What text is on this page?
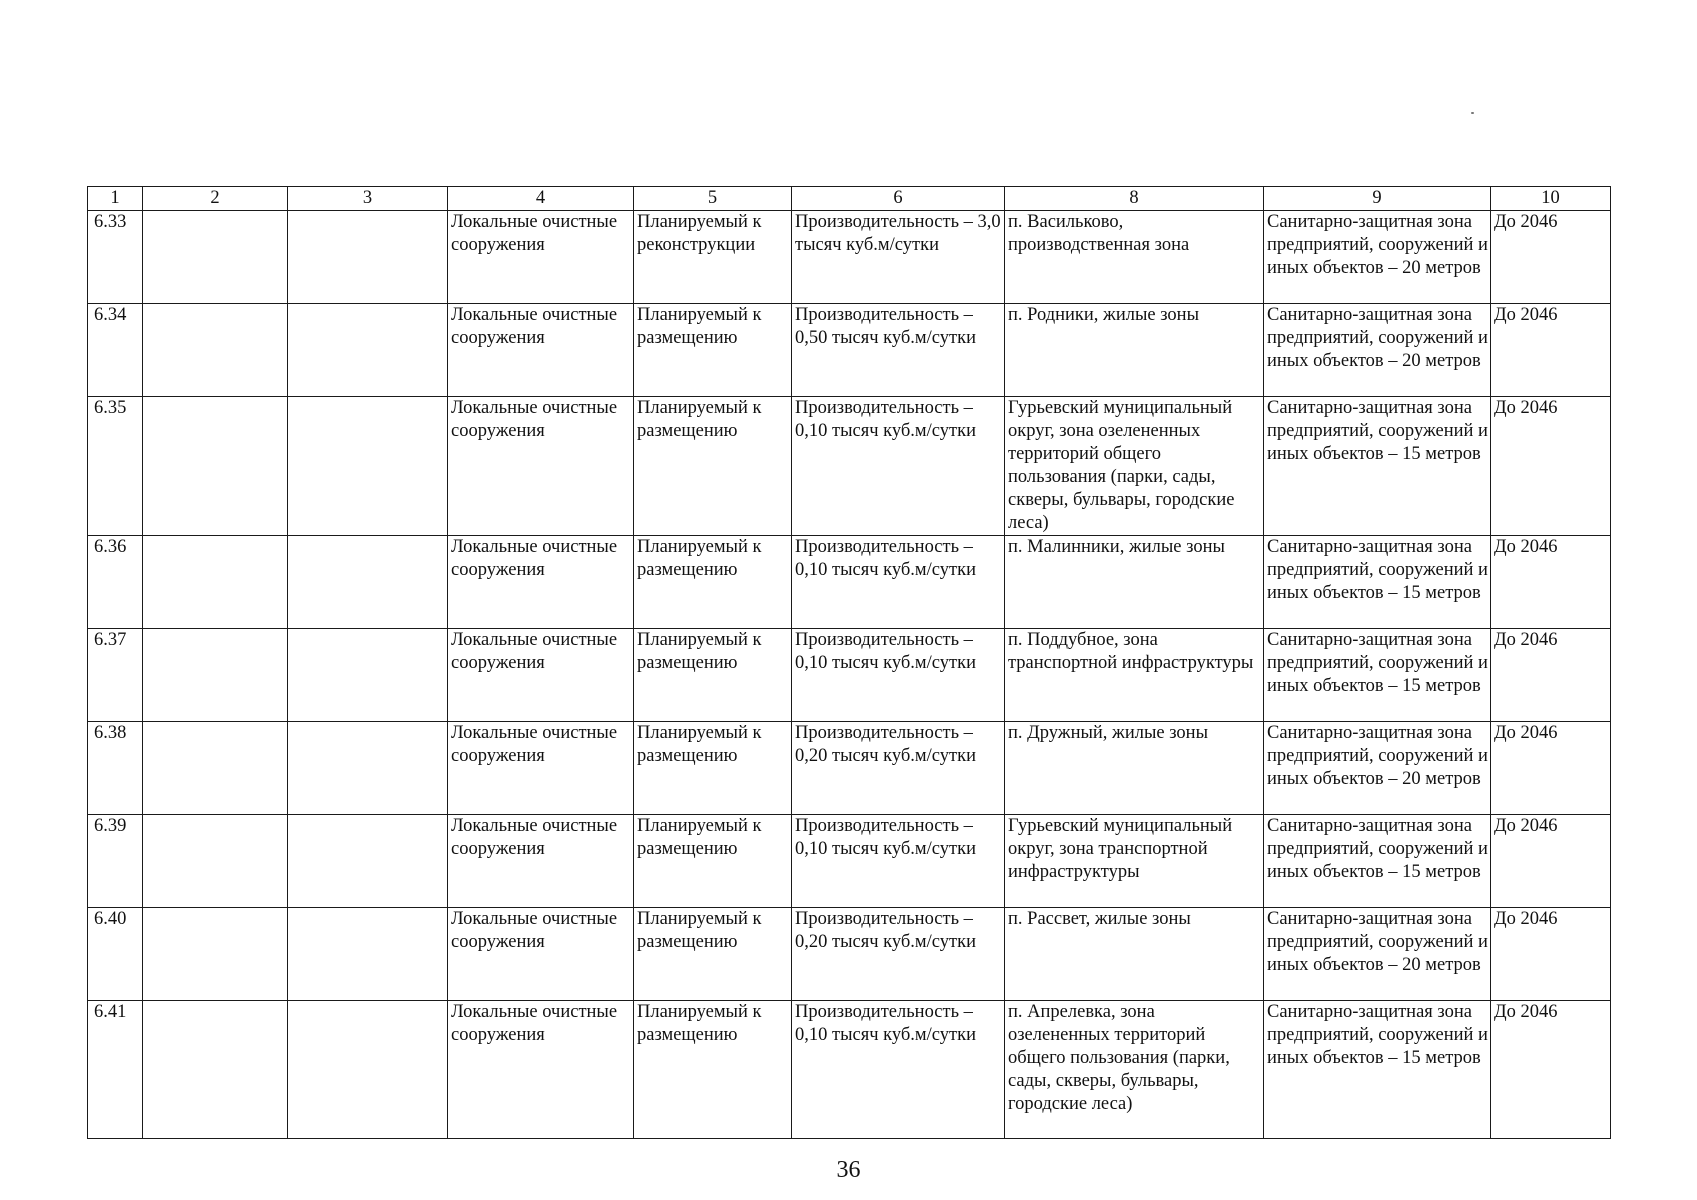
1	2	3	4	5	6	8	9	10
6.33			Локальные очистные сооружения	Планируемый к реконструкции	Производительность – 3,0 тысяч куб.м/сутки	п. Васильково, производственная зона	Санитарно-защитная зона предприятий, сооружений и иных объектов – 20 метров	До 2046
6.34			Локальные очистные сооружения	Планируемый к размещению	Производительность – 0,50 тысяч куб.м/сутки	п. Родники, жилые зоны	Санитарно-защитная зона предприятий, сооружений и иных объектов – 20 метров	До 2046
6.35			Локальные очистные сооружения	Планируемый к размещению	Производительность – 0,10 тысяч куб.м/сутки	Гурьевский муниципальный округ, зона озелененных территорий общего пользования (парки, сады, скверы, бульвары, городские леса)	Санитарно-защитная зона предприятий, сооружений и иных объектов – 15 метров	До 2046
6.36			Локальные очистные сооружения	Планируемый к размещению	Производительность – 0,10 тысяч куб.м/сутки	п. Малинники, жилые зоны	Санитарно-защитная зона предприятий, сооружений и иных объектов – 15 метров	До 2046
6.37			Локальные очистные сооружения	Планируемый к размещению	Производительность – 0,10 тысяч куб.м/сутки	п. Поддубное, зона транспортной инфраструктуры	Санитарно-защитная зона предприятий, сооружений и иных объектов – 15 метров	До 2046
6.38			Локальные очистные сооружения	Планируемый к размещению	Производительность – 0,20 тысяч куб.м/сутки	п. Дружный, жилые зоны	Санитарно-защитная зона предприятий, сооружений и иных объектов – 20 метров	До 2046
6.39			Локальные очистные сооружения	Планируемый к размещению	Производительность – 0,10 тысяч куб.м/сутки	Гурьевский муниципальный округ, зона транспортной инфраструктуры	Санитарно-защитная зона предприятий, сооружений и иных объектов – 15 метров	До 2046
6.40			Локальные очистные сооружения	Планируемый к размещению	Производительность – 0,20 тысяч куб.м/сутки	п. Рассвет, жилые зоны	Санитарно-защитная зона предприятий, сооружений и иных объектов – 20 метров	До 2046
6.41			Локальные очистные сооружения	Планируемый к размещению	Производительность – 0,10 тысяч куб.м/сутки	п. Апрелевка, зона озелененных территорий общего пользования (парки, сады, скверы, бульвары, городские леса)	Санитарно-защитная зона предприятий, сооружений и иных объектов – 15 метров	До 2046
36
